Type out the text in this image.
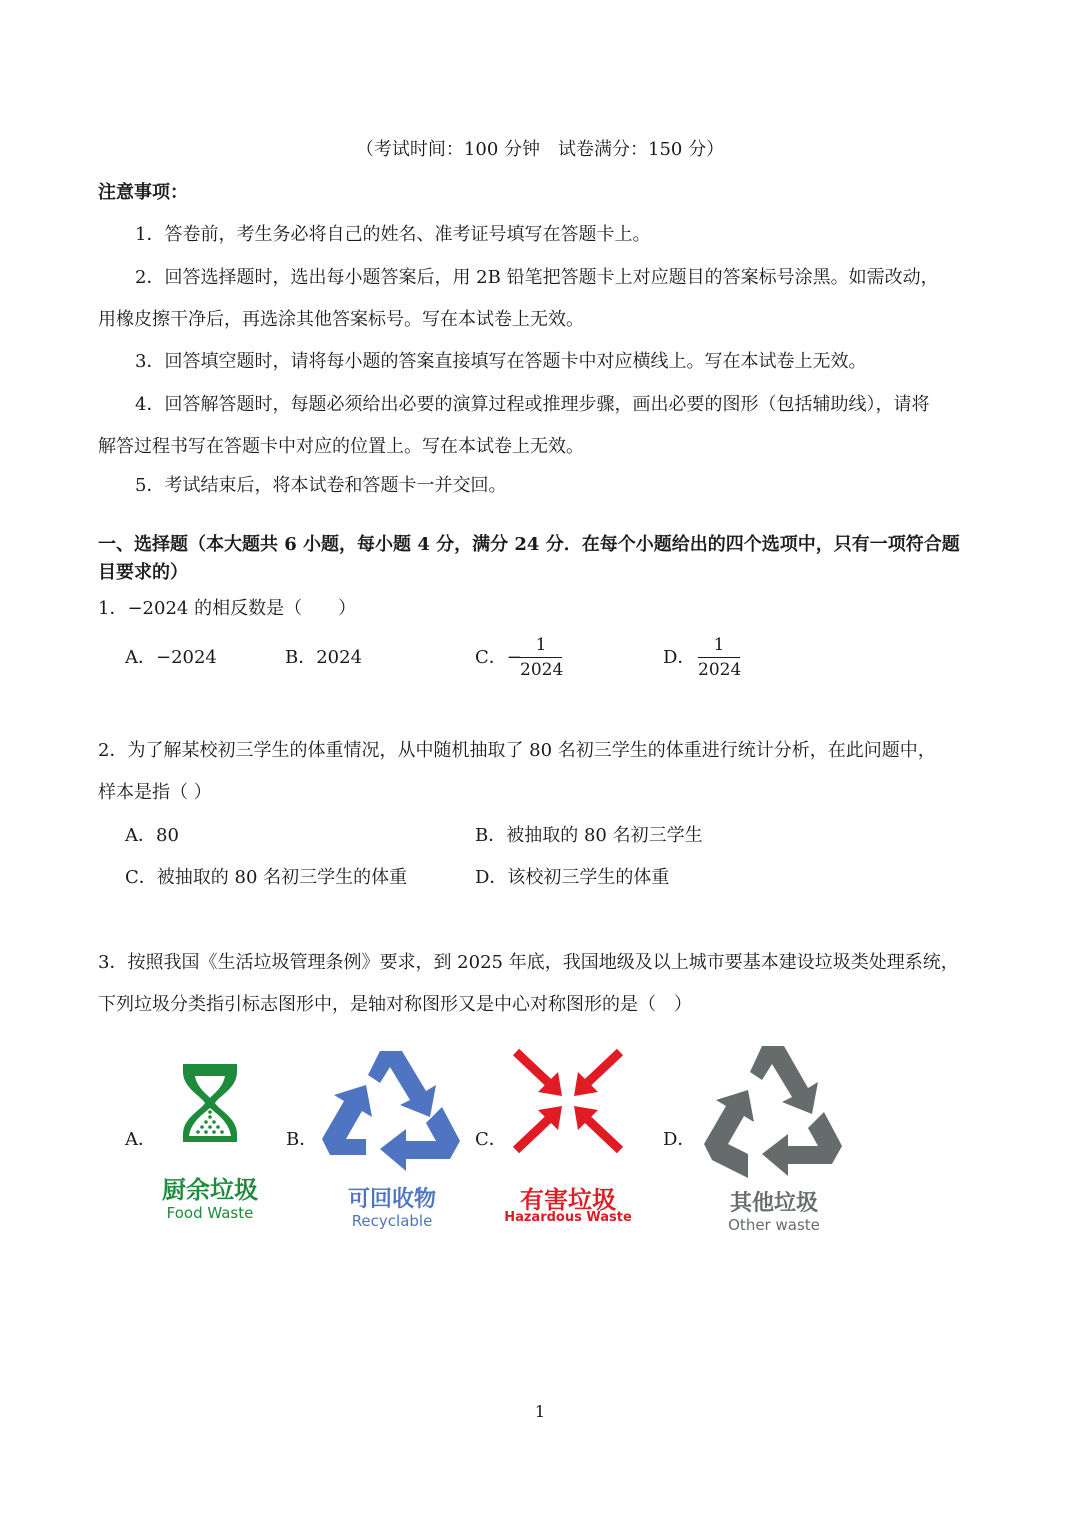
（考试时间：100 分钟　试卷满分：150 分）
注意事项：
1．答卷前，考生务必将自己的姓名、准考证号填写在答题卡上。
2．回答选择题时，选出每小题答案后，用 2B 铅笔把答题卡上对应题目的答案标号涂黑。如需改动，
用橡皮擦干净后，再选涂其他答案标号。写在本试卷上无效。
3．回答填空题时，请将每小题的答案直接填写在答题卡中对应横线上。写在本试卷上无效。
4．回答解答题时，每题必须给出必要的演算过程或推理步骤，画出必要的图形（包括辅助线），请将
解答过程书写在答题卡中对应的位置上。写在本试卷上无效。
5．考试结束后，将本试卷和答题卡一并交回。
一、选择题（本大题共 6 小题，每小题 4 分，满分 24 分．在每个小题给出的四个选项中，只有一项符合题
目要求的）
1．−2024 的相反数是（　　）
A．−2024	B．2024	C．−
1
2024
D．
1
2024
2．为了解某校初三学生的体重情况，从中随机抽取了 80 名初三学生的体重进行统计分析，在此问题中，
样本是指（ ）
A．80	B．被抽取的 80 名初三学生
C．被抽取的 80 名初三学生的体重	D．该校初三学生的体重
3．按照我国《生活垃圾管理条例》要求，到 2025 年底，我国地级及以上城市要基本建设垃圾类处理系统，
下列垃圾分类指引标志图形中，是轴对称图形又是中心对称图形的是（　）
A．	B．	C．	D．
厨余垃圾
Food Waste
可回收物
Recyclable
有害垃圾
Hazardous Waste
其他垃圾
Other waste
1
